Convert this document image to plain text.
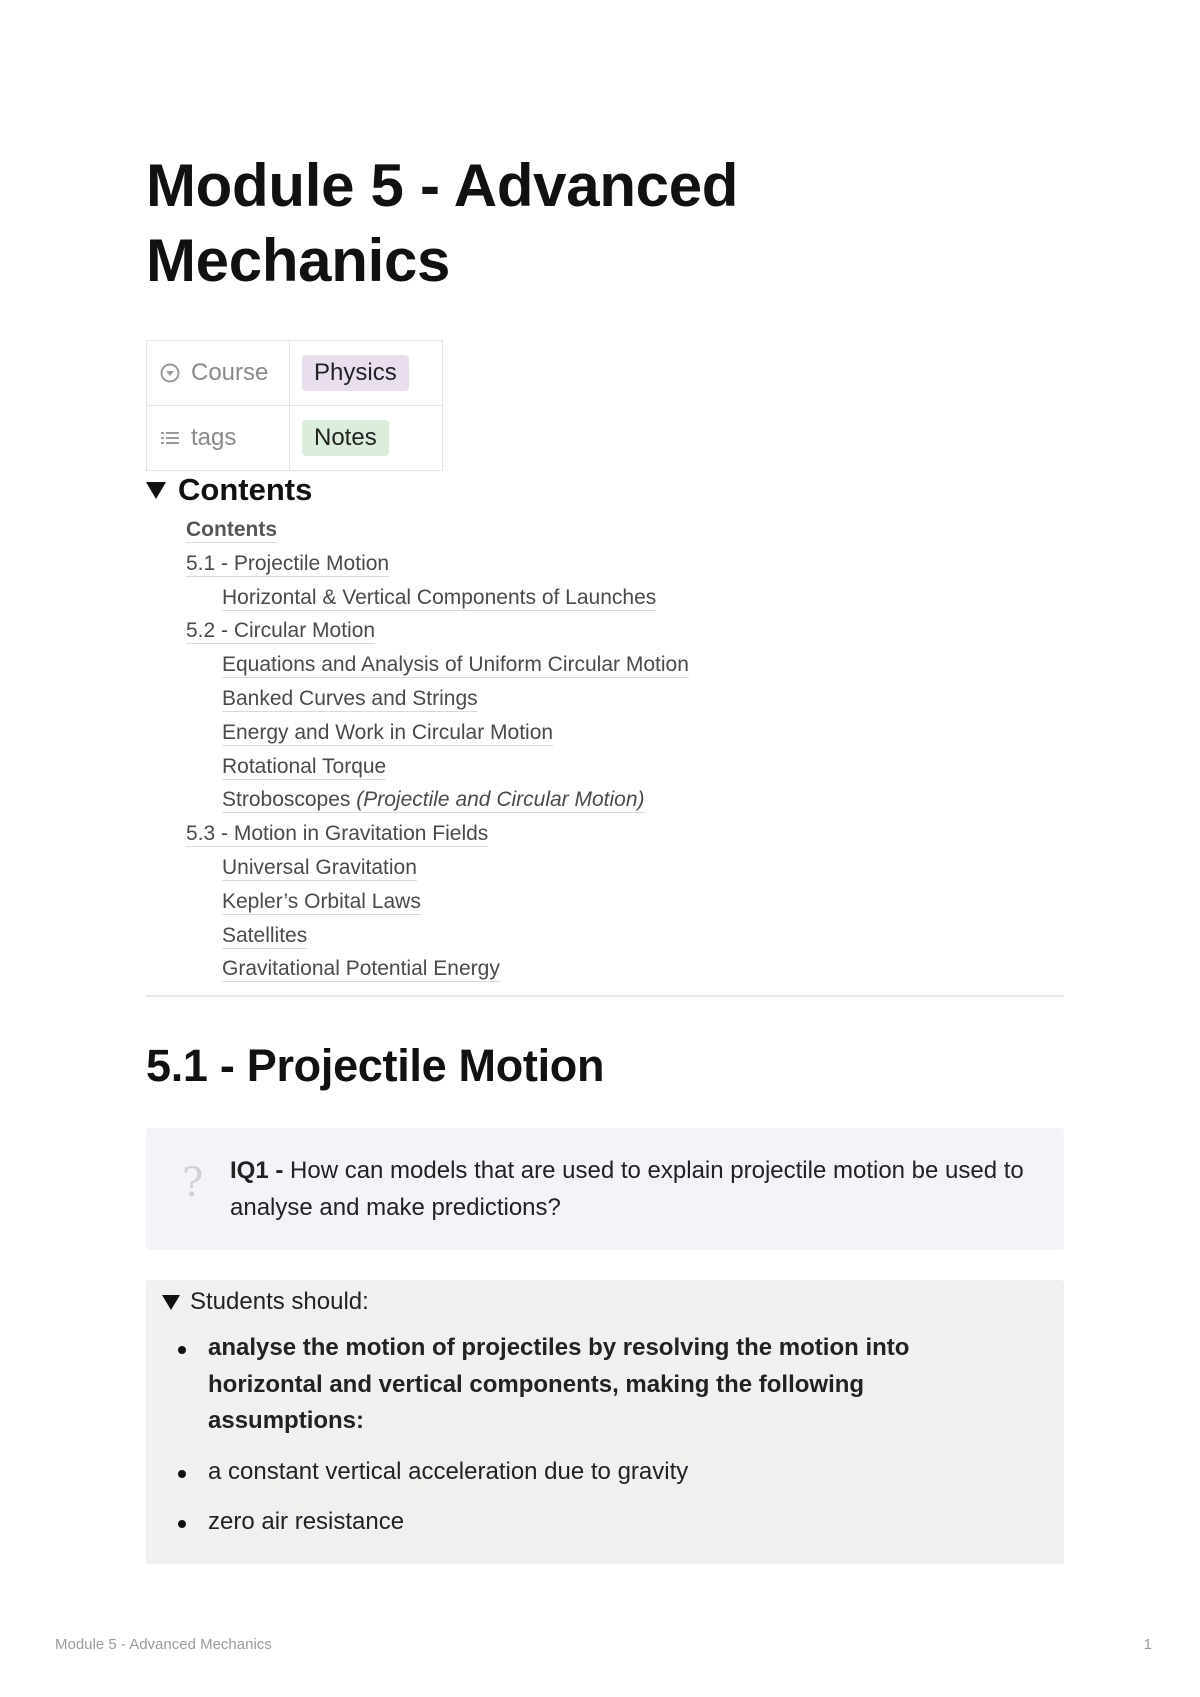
Module 5 - Advanced Mechanics
Course	Physics

tags	Notes
Contents
Contents
5.1 - Projectile Motion
Horizontal & Vertical Components of Launches
5.2 - Circular Motion
Equations and Analysis of Uniform Circular Motion
Banked Curves and Strings
Energy and Work in Circular Motion
Rotational Torque
Stroboscopes (Projectile and Circular Motion)
5.3 - Motion in Gravitation Fields
Universal Gravitation
Kepler’s Orbital Laws
Satellites
Gravitational Potential Energy
5.1 - Projectile Motion
? IQ1 - How can models that are used to explain projectile motion be used to analyse and make predictions?
Students should:
analyse the motion of projectiles by resolving the motion into horizontal and vertical components, making the following assumptions:
a constant vertical acceleration due to gravity
zero air resistance
Module 5 - Advanced Mechanics	1
